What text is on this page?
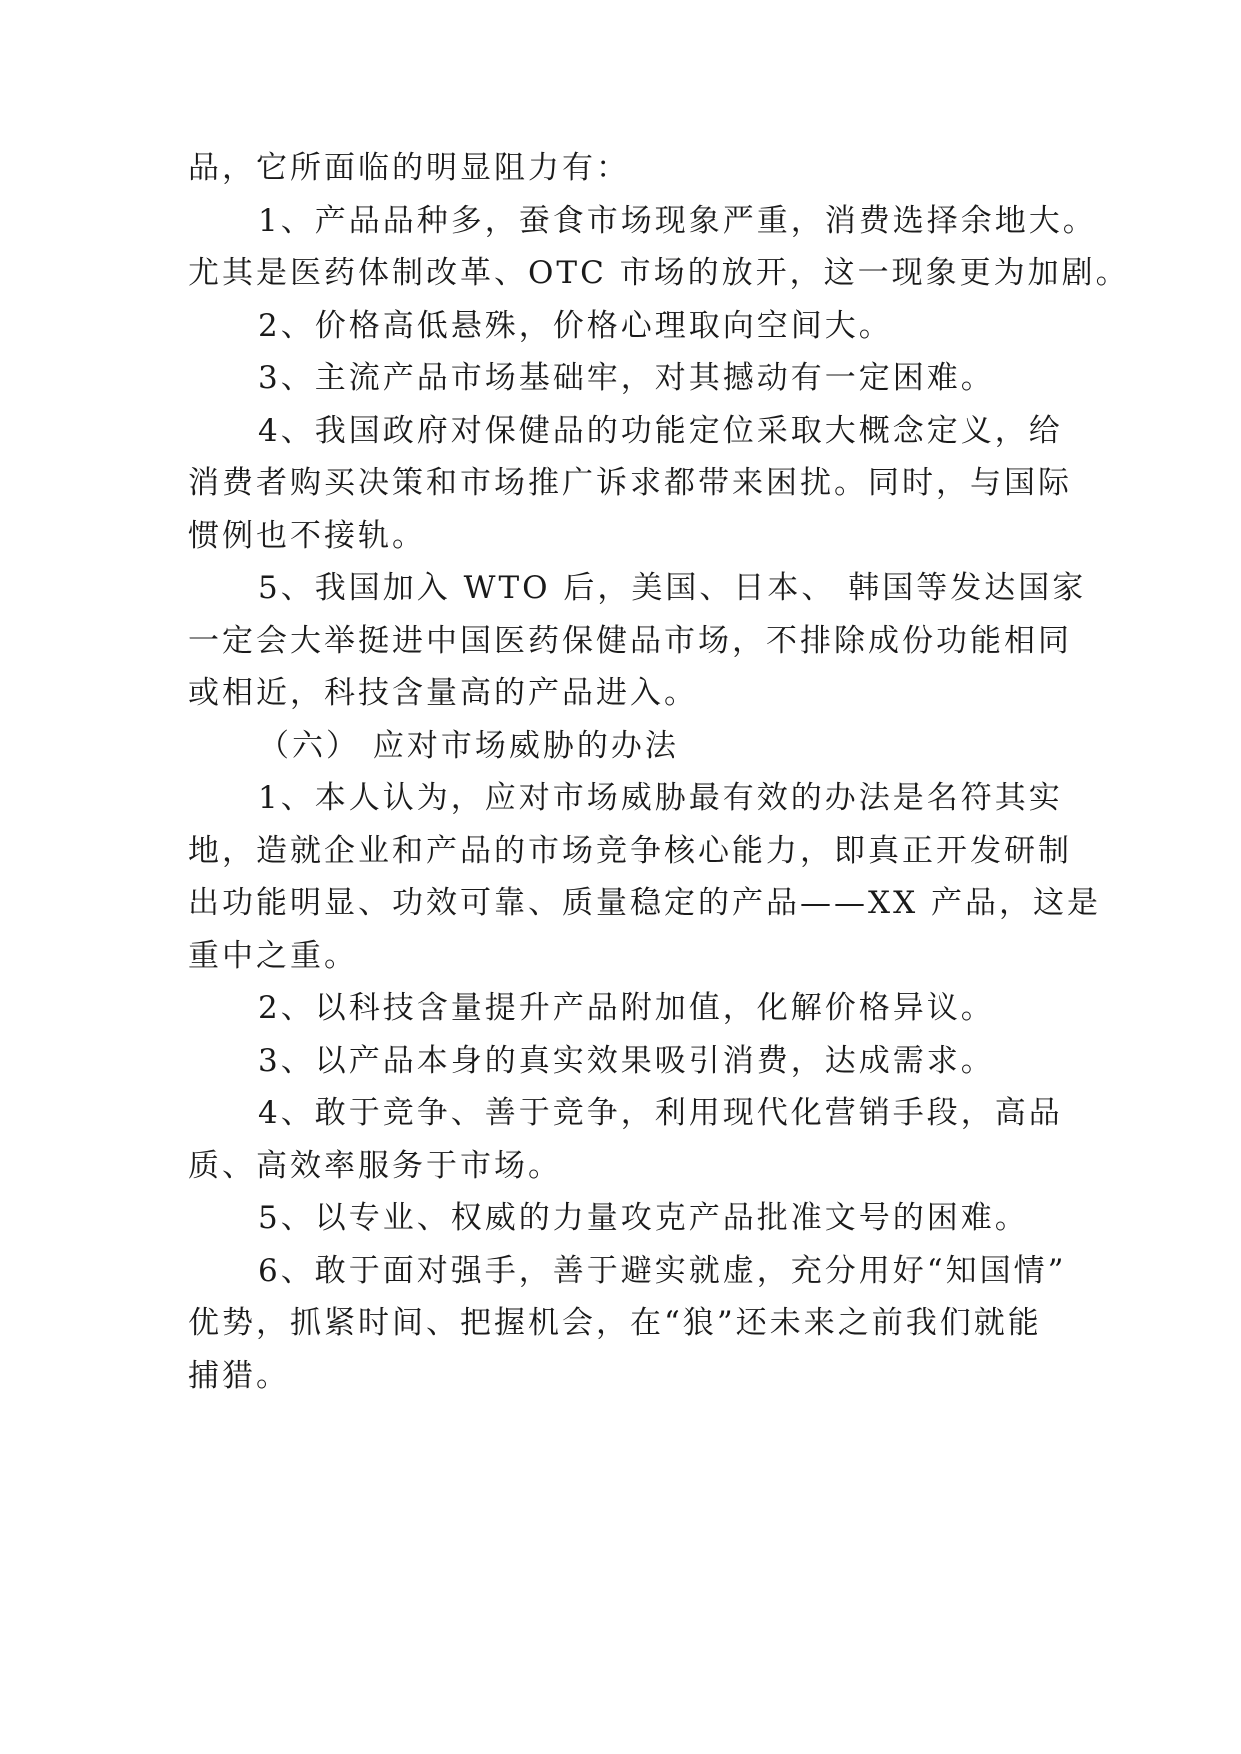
品，它所面临的明显阻力有：
1、产品品种多，蚕食市场现象严重，消费选择余地大。
尤其是医药体制改革、OTC 市场的放开，这一现象更为加剧。
2、价格高低悬殊，价格心理取向空间大。
3、主流产品市场基础牢，对其撼动有一定困难。
4、我国政府对保健品的功能定位采取大概念定义，给
消费者购买决策和市场推广诉求都带来困扰。同时，与国际
惯例也不接轨。
5、我国加入 WTO 后，美国、日本、 韩国等发达国家
一定会大举挺进中国医药保健品市场，不排除成份功能相同
或相近，科技含量高的产品进入。
（六） 应对市场威胁的办法
1、本人认为，应对市场威胁最有效的办法是名符其实
地，造就企业和产品的市场竞争核心能力，即真正开发研制
出功能明显、功效可靠、质量稳定的产品——XX 产品，这是
重中之重。
2、以科技含量提升产品附加值，化解价格异议。
3、以产品本身的真实效果吸引消费，达成需求。
4、敢于竞争、善于竞争，利用现代化营销手段，高品
质、高效率服务于市场。
5、以专业、权威的力量攻克产品批准文号的困难。
6、敢于面对强手，善于避实就虚，充分用好“知国情”
优势，抓紧时间、把握机会，在“狼”还未来之前我们就能
捕猎。
